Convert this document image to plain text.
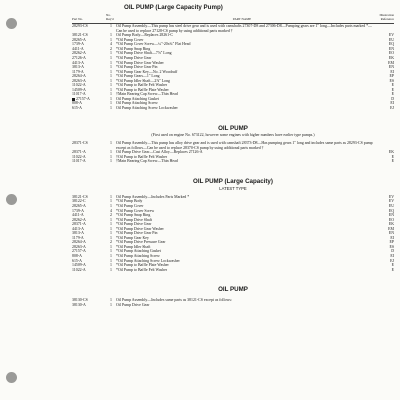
OIL PUMP (Large Capacity Pump)
Part No.
No. Req'd	PART NAME
Illustration Reference
28293-CS	1	Oil Pump Assembly—This pump has steel drive gear and is used with camshafts 27307-D8 and 27306-D8—Pumping gears are 1" long—Includes parts marked *—Can be used to replace 27128-CS pump by using additional parts marked †
38121-CS	1	Oil Pump Body—Replaces 28261-C	EV
28265-A	1	*Oil Pump Cover	EU
1739-A	4	*Oil Pump Cover Screw—¼"-20x¾" Flat Head	EQ
4411-A	2	*Oil Pump Snap Ring	EN
28262-A	1	*Oil Pump Drive Shaft—7⅛" Long	EO
27126-A	1	*Oil Pump Drive Gear	EK
4413-A	1	*Oil Pump Drive Gear Washer	EM
3813-A	1	*Oil Pump Drive Gear Pin	EN
1179-A	1	*Oil Pump Gear Key—No. 2 Woodruff	EI
28264-A	1	*Oil Pump Gears—1" Long	EP
28263-A	1	*Oil Pump Idler Shaft—2⅞" Long	ES
11022-A	1	*Oil Pump to Baffle Felt Washer	E
14509-A	1	*Oil Pump to Baffle Plate Washer	E
11017-A	1	†Main Bearing Cap Screw—Thin Head	E
27157-A	1	Oil Pump Attaching Gasket	D
808-A	1	Oil Pump Attaching Screw	EI
615-A	1	Oil Pump Attaching Screw Lockwasher	EJ
OIL PUMP
(First used on engine No. 673122, however some engines with higher numbers have earlier type pumps.)
28371-CS	1	Oil Pump Assembly—This pump has alloy drive gear and is used with camshaft 28373-D8—Has pumping gears 1" long and includes same parts as 28293-CS pump except as follows—Can be used to replace 28370-CS pump by using additional parts marked †
28371-A	1	Oil Pump Drive Gear—Cast Alloy—Replaces 27126-A	EK
11022-A	1	†Oil Pump to Baffle Felt Washer	E
11017-A	1	†Main Bearing Cap Screw—Thin Head	E
OIL PUMP (Large Capacity)
LATEST TYPE
38121-CS	1	Oil Pump Assembly—Includes Parts Marked *	EV
38122-C	1	*Oil Pump Body	EV
28265-A	1	*Oil Pump Cover	EU
1739-A	4	*Oil Pump Cover Screw	EQ
4411-A	2	*Oil Pump Snap Ring	EN
28262-A	1	*Oil Pump Drive Shaft	EO
28371-A	1	*Oil Pump Drive Gear	EK
4413-A	1	*Oil Pump Drive Gear Washer	EM
3813-A	1	*Oil Pump Drive Gear Pin	EN
1179-A	1	*Oil Pump Gear Key	EI
28264-A	2	*Oil Pump Drive Pressure Gear	EP
28263-A	1	*Oil Pump Idler Shaft	ES
27157-A	1	*Oil Pump Attaching Gasket	D
808-A	1	*Oil Pump Attaching Screw	EI
615-A	1	*Oil Pump Attaching Screw Lockwasher	EJ
14509-A	1	*Oil Pump to Baffle Plate Washer	E
11022-A	1	*Oil Pump to Baffle Felt Washer	E
OIL PUMP
38130-CS	1	Oil Pump Assembly—Includes same parts as 38121-CS except as follows:
38130-A	1	Oil Pump Drive Gear
